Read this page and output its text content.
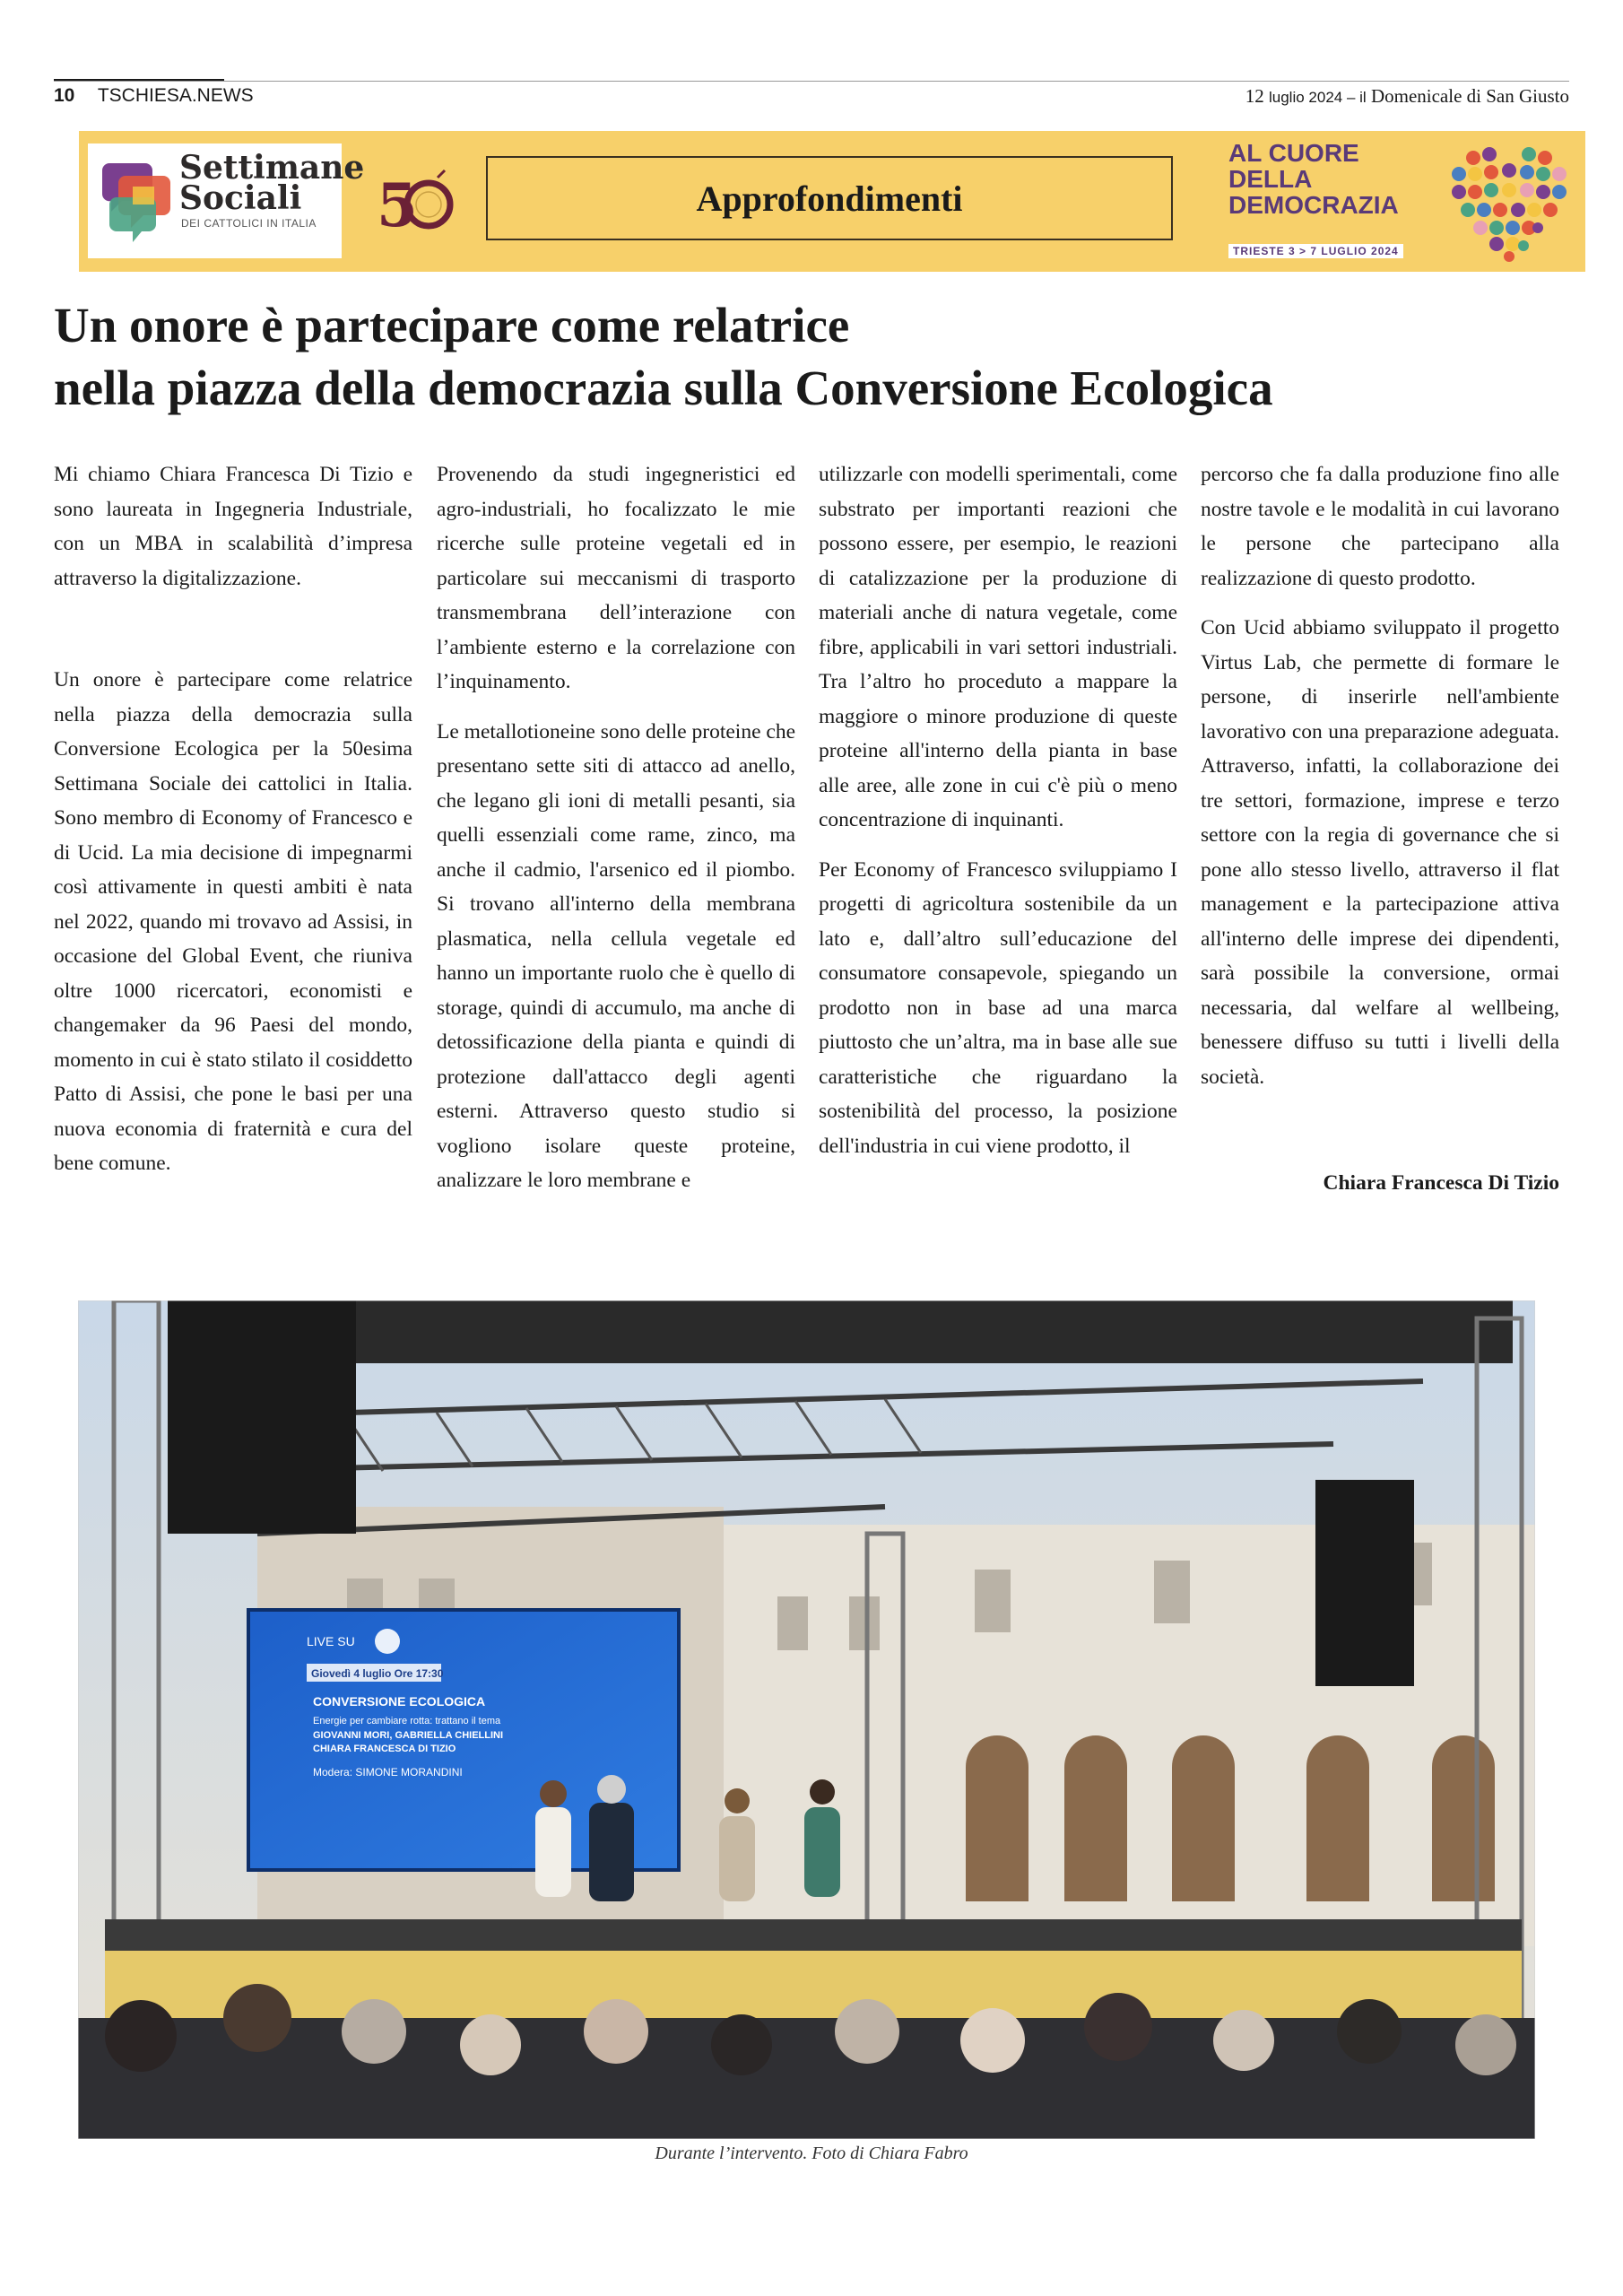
10 TSCHIESA.NEWS	12 luglio 2024 – il Domenicale di San Giusto
Settimane Sociali
DEI CATTOLICI IN ITALIA 5	Approfondimenti
AL CUORE DELLA DEMOCRAZIA
TRIESTE 3 > 7 LUGLIO 2024
Un onore è partecipare come relatrice
nella piazza della democrazia sulla Conversione Ecologica

Mi chiamo Chiara Francesca Di Tizio e sono laureata in Ingegneria Industriale, con un MBA in scalabilità d’impresa attraverso la digitalizzazione.

Un onore è partecipare come relatrice nella piazza della democrazia sulla Conversione Ecologica per la 50esima Settimana Sociale dei cattolici in Italia. Sono membro di Economy of Francesco e di Ucid. La mia decisione di impegnarmi così attivamente in questi ambiti è nata nel 2022, quando mi trovavo ad Assisi, in occasione del Global Event, che riuniva oltre 1000 ricercatori, economisti e changemaker da 96 Paesi del mondo, momento in cui è stato stilato il cosiddetto Patto di Assisi, che pone le basi per una nuova economia di fraternità e cura del bene comune.

Provenendo da studi ingegneristici ed agro-industriali, ho focalizzato le mie ricerche sulle proteine vegetali ed in particolare sui meccanismi di trasporto transmembrana dell’interazione con l’ambiente esterno e la correlazione con l’inquinamento.

Le metallotioneine sono delle proteine che presentano sette siti di attacco ad anello, che legano gli ioni di metalli pesanti, sia quelli essenziali come rame, zinco, ma anche il cadmio, l'arsenico ed il piombo. Si trovano all'interno della membrana plasmatica, nella cellula vegetale ed hanno un importante ruolo che è quello di storage, quindi di accumulo, ma anche di detossificazione della pianta e quindi di protezione dall'attacco degli agenti esterni. Attraverso questo studio si vogliono isolare queste proteine, analizzare le loro membrane e

utilizzarle con modelli sperimentali, come substrato per importanti reazioni che possono essere, per esempio, le reazioni di catalizzazione per la produzione di materiali anche di natura vegetale, come fibre, applicabili in vari settori industriali. Tra l’altro ho proceduto a mappare la maggiore o minore produzione di queste proteine all'interno della pianta in base alle aree, alle zone in cui c'è più o meno concentrazione di inquinanti.

Per Economy of Francesco sviluppiamo I progetti di agricoltura sostenibile da un lato e, dall’altro sull’educazione del consumatore consapevole, spiegando un prodotto non in base ad una marca piuttosto che un’altra, ma in base alle sue caratteristiche che riguardano la sostenibilità del processo, la posizione dell'industria in cui viene prodotto, il

percorso che fa dalla produzione fino alle nostre tavole e le modalità in cui lavorano le persone che partecipano alla realizzazione di questo prodotto.

Con Ucid abbiamo sviluppato il progetto Virtus Lab, che permette di formare le persone, di inserirle nell'ambiente lavorativo con una preparazione adeguata. Attraverso, infatti, la collaborazione dei tre settori, formazione, imprese e terzo settore con la regia di governance che si pone allo stesso livello, attraverso il flat management e la partecipazione attiva all'interno delle imprese dei dipendenti, sarà possibile la conversione, ormai necessaria, dal welfare al wellbeing, benessere diffuso su tutti i livelli della società.

Chiara Francesca Di Tizio

LIVE SU
Giovedì 4 luglio Ore 17:30
CONVERSIONE ECOLOGICA
Energie per cambiare rotta: trattano il tema
GIOVANNI MORI, GABRIELLA CHIELLINI
CHIARA FRANCESCA DI TIZIO
Modera: SIMONE MORANDINI
Durante l’intervento. Foto di Chiara Fabro
